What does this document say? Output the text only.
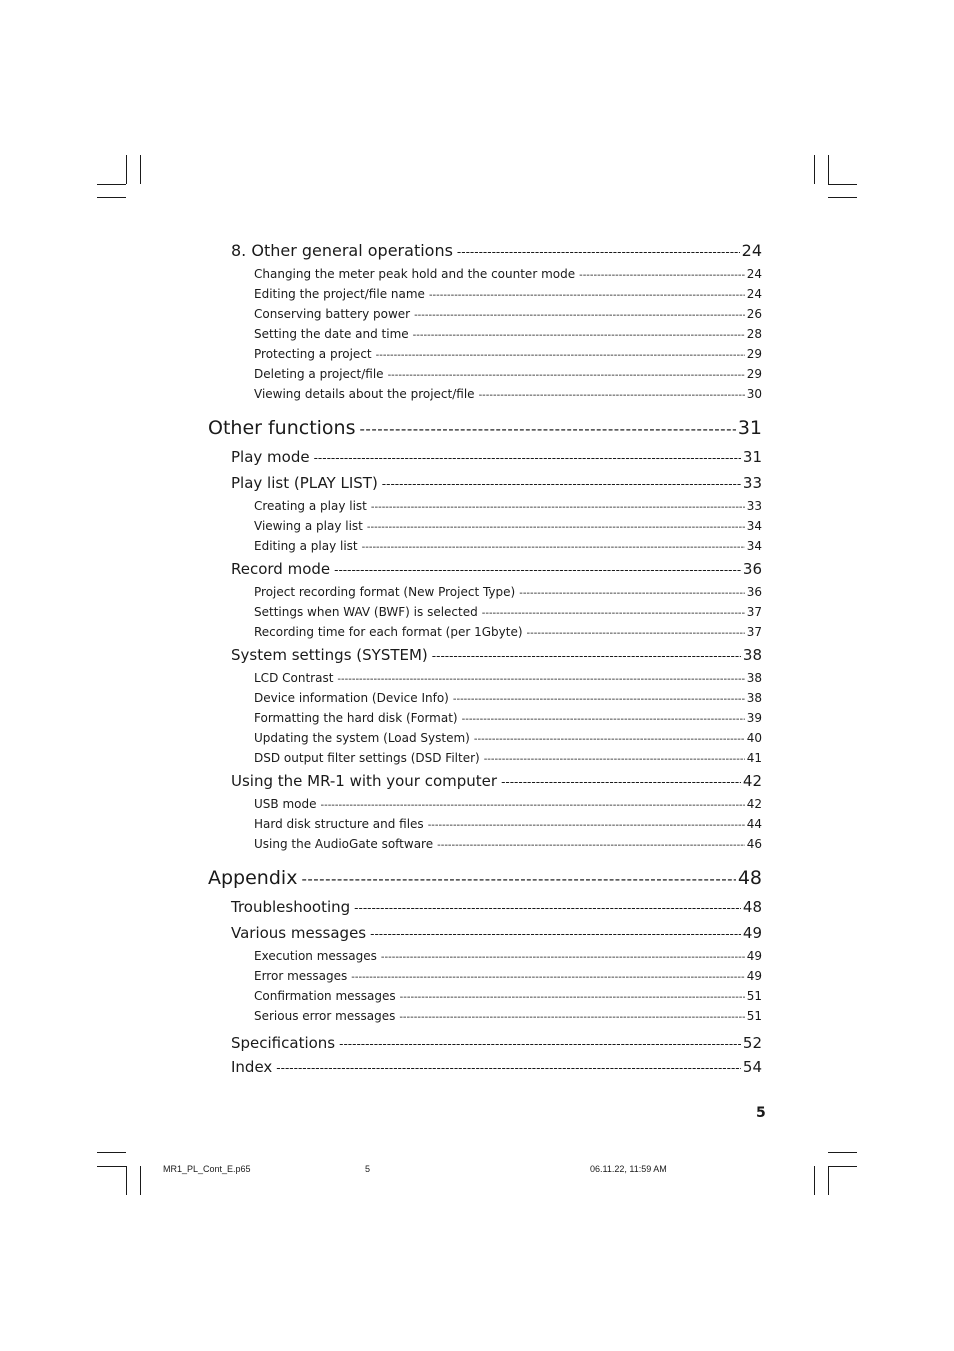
8. Other general operations -----	24
Changing the meter peak hold and the counter mode -----	24
Editing the project/file name -----	24
Conserving battery power -----	26
Setting the date and time -----	28
Protecting a project -----	29
Deleting a project/file -----	29
Viewing details about the project/file -----	30
Other functions -----	31
Play mode -----	31
Play list (PLAY LIST) -----	33
Creating a play list -----	33
Viewing a play list -----	34
Editing a play list -----	34
Record mode -----	36
Project recording format (New Project Type) -----	36
Settings when WAV (BWF) is selected -----	37
Recording time for each format (per 1Gbyte) -----	37
System settings (SYSTEM) -----	38
LCD Contrast -----	38
Device information (Device Info) -----	38
Formatting the hard disk (Format) -----	39
Updating the system (Load System) -----	40
DSD output filter settings (DSD Filter) -----	41
Using the MR-1 with your computer -----	42
USB mode -----	42
Hard disk structure and files -----	44
Using the AudioGate software -----	46
Appendix -----	48
Troubleshooting -----	48
Various messages -----	49
Execution messages -----	49
Error messages -----	49
Confirmation messages -----	51
Serious error messages -----	51
Specifications -----	52
Index -----	54
5
MR1_PL_Cont_E.p65	5	06.11.22, 11:59 AM
